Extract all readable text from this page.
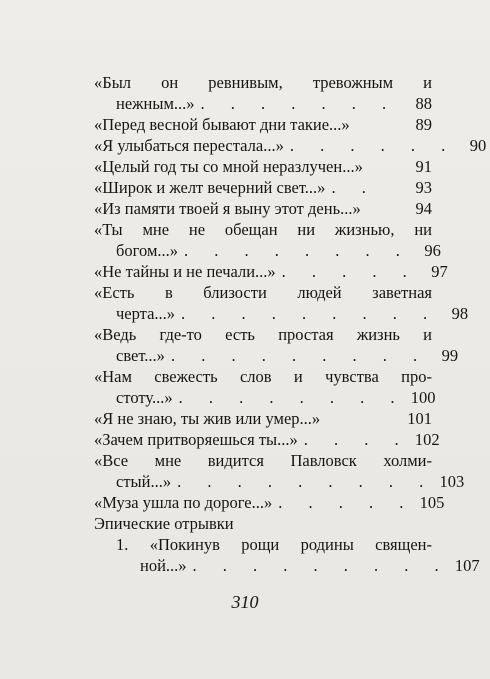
«Был он ревнивым, тревожным и
нежным...» . . . . . . .	88
«Перед весной бывают дни такие...»	89
«Я улыбаться перестала...» . . . . . . 90
«Целый год ты со мной неразлучен...»	91
«Широк и желт вечерний свет...» . .	93
«Из памяти твоей я выну этот день...»	94
«Ты мне не обещан ни жизнью, ни
богом...» . . . . . . . . 96
«Не тайны и не печали...» . . . . . 97
«Есть в близости людей заветная
черта...» . . . . . . . . . 98
«Ведь где-то есть простая жизнь и
свет...» . . . . . . . . . 99
«Нам свежесть слов и чувства про-
стоту...» . . . . . . . . 100
«Я не знаю, ты жив или умер...»	101
«Зачем притворяешься ты...» . . . . 102
«Все мне видится Павловск холми-
стый...» . . . . . . . . . 103
«Муза ушла по дороге...» . . . . . 105
Эпические отрывки
1. «Покинув рощи родины священ-
ной...» . . . . . . . . . 107
310
